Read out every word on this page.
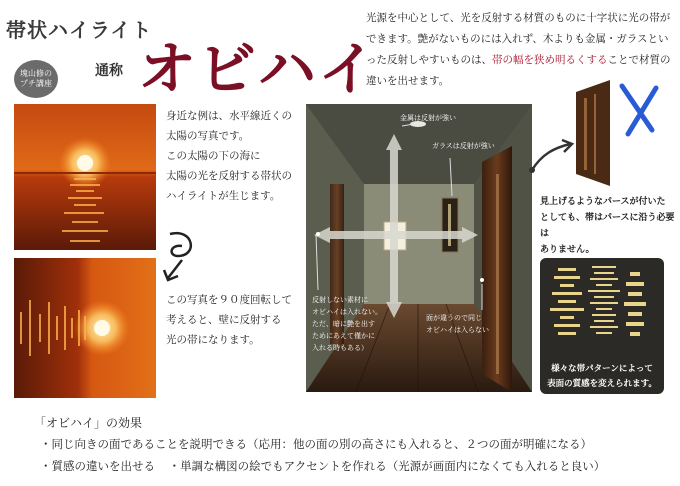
帯状ハイライト
塊山修の
プチ講座
通称 オビハイ
光源を中心として、光を反射する材質のものに十字状に光の帯ができます。艶がないものには入れず、木よりも金属・ガラスといった反射しやすいものは、帯の幅を狭め明るくすることで材質の違いを出せます。
身近な例は、水平線近くの
太陽の写真です。
この太陽の下の海に
太陽の光を反射する帯状の
ハイライトが生じます。
この写真を９０度回転して
考えると、壁に反射する
光の帯になります。
金属は反射が強い
ガラスは反射が強い
反射しない素材に
オビハイは入れない。
ただ、暗に艶を出す
ためにあえて僅かに
入れる時もある）
面が違うので同じ
オビハイは入らない
見上げるようなパースが付いた
としても、帯はパースに沿う必要は
ありません。
様々な帯パターンによって
表面の質感を変えられます。
「オビハイ」の効果
・同じ向きの面であることを説明できる（応用：他の面の別の高さにも入れると、２つの面が明確になる）
・質感の違いを出せる ・単調な構図の絵でもアクセントを作れる（光源が画面内になくても入れると良い）
